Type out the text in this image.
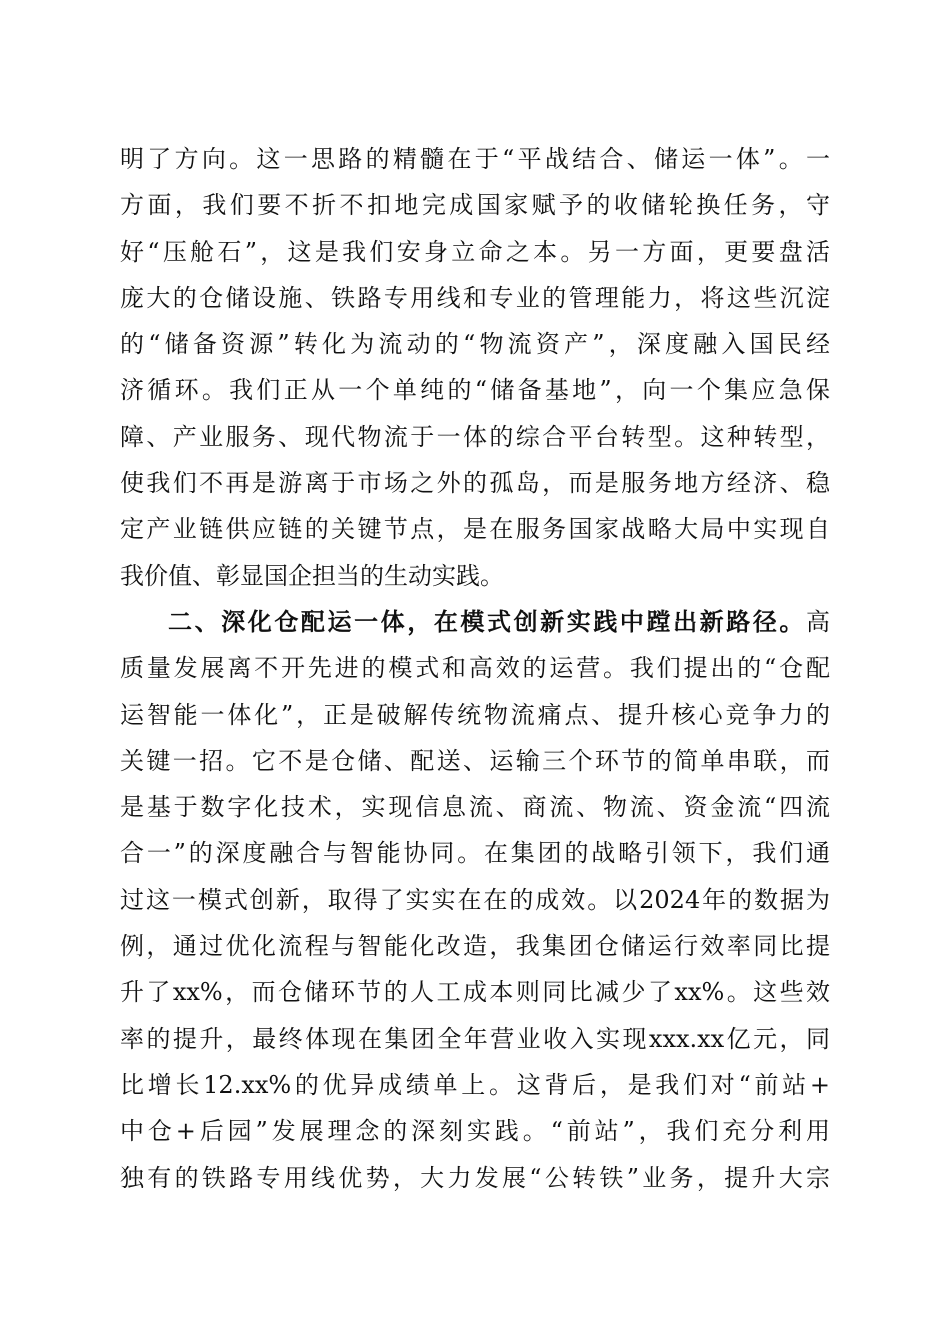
明了方向。这一思路的精髓在于“平战结合、储运一体”。一
方面，我们要不折不扣地完成国家赋予的收储轮换任务，守
好“压舱石”，这是我们安身立命之本。另一方面，更要盘活
庞大的仓储设施、铁路专用线和专业的管理能力，将这些沉淀
的“储备资源”转化为流动的“物流资产”，深度融入国民经
济循环。我们正从一个单纯的“储备基地”，向一个集应急保
障、产业服务、现代物流于一体的综合平台转型。这种转型，
使我们不再是游离于市场之外的孤岛，而是服务地方经济、稳
定产业链供应链的关键节点，是在服务国家战略大局中实现自
我价值、彰显国企担当的生动实践。
二、深化仓配运一体，在模式创新实践中蹚出新路径。高
质量发展离不开先进的模式和高效的运营。我们提出的“仓配
运智能一体化”，正是破解传统物流痛点、提升核心竞争力的
关键一招。它不是仓储、配送、运输三个环节的简单串联，而
是基于数字化技术，实现信息流、商流、物流、资金流“四流
合一”的深度融合与智能协同。在集团的战略引领下，我们通
过这一模式创新，取得了实实在在的成效。以2024年的数据为
例，通过优化流程与智能化改造，我集团仓储运行效率同比提
升了xx%，而仓储环节的人工成本则同比减少了xx%。这些效
率的提升，最终体现在集团全年营业收入实现xxx.xx亿元，同
比增长12.xx%的优异成绩单上。这背后，是我们对“前站+
中仓+后园”发展理念的深刻实践。“前站”，我们充分利用
独有的铁路专用线优势，大力发展“公转铁”业务，提升大宗
